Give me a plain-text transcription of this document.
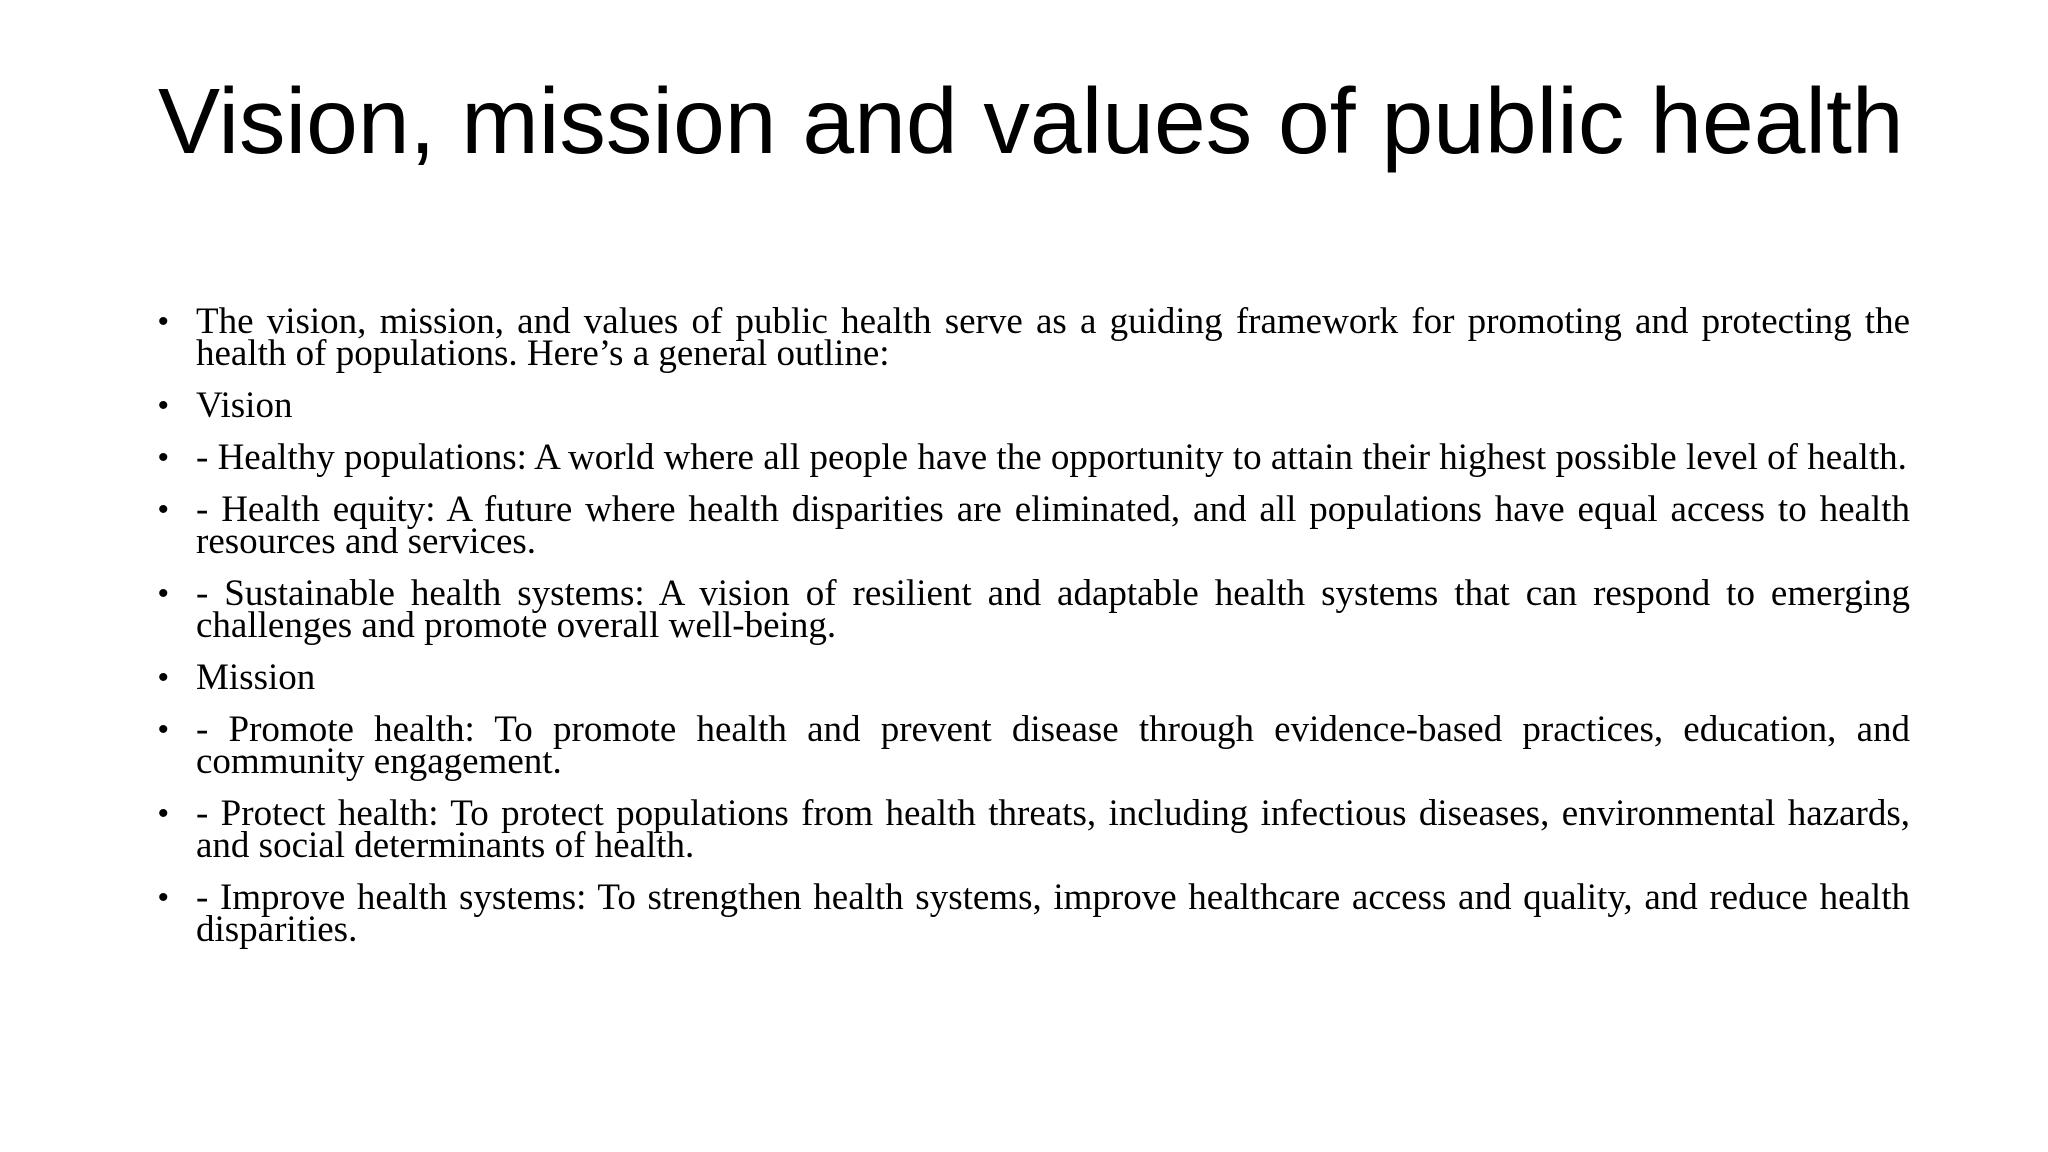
Vision, mission and values of public health
• The vision, mission, and values of public health serve as a guiding framework for promoting and protecting the health of populations. Here’s a general outline:
• Vision
• - Healthy populations: A world where all people have the opportunity to attain their highest possible level of health.
• - Health equity: A future where health disparities are eliminated, and all populations have equal access to health resources and services.
• - Sustainable health systems: A vision of resilient and adaptable health systems that can respond to emerging challenges and promote overall well-being.
• Mission
• - Promote health: To promote health and prevent disease through evidence-based practices, education, and community engagement.
• - Protect health: To protect populations from health threats, including infectious diseases, environmental hazards, and social determinants of health.
• - Improve health systems: To strengthen health systems, improve healthcare access and quality, and reduce health disparities.
